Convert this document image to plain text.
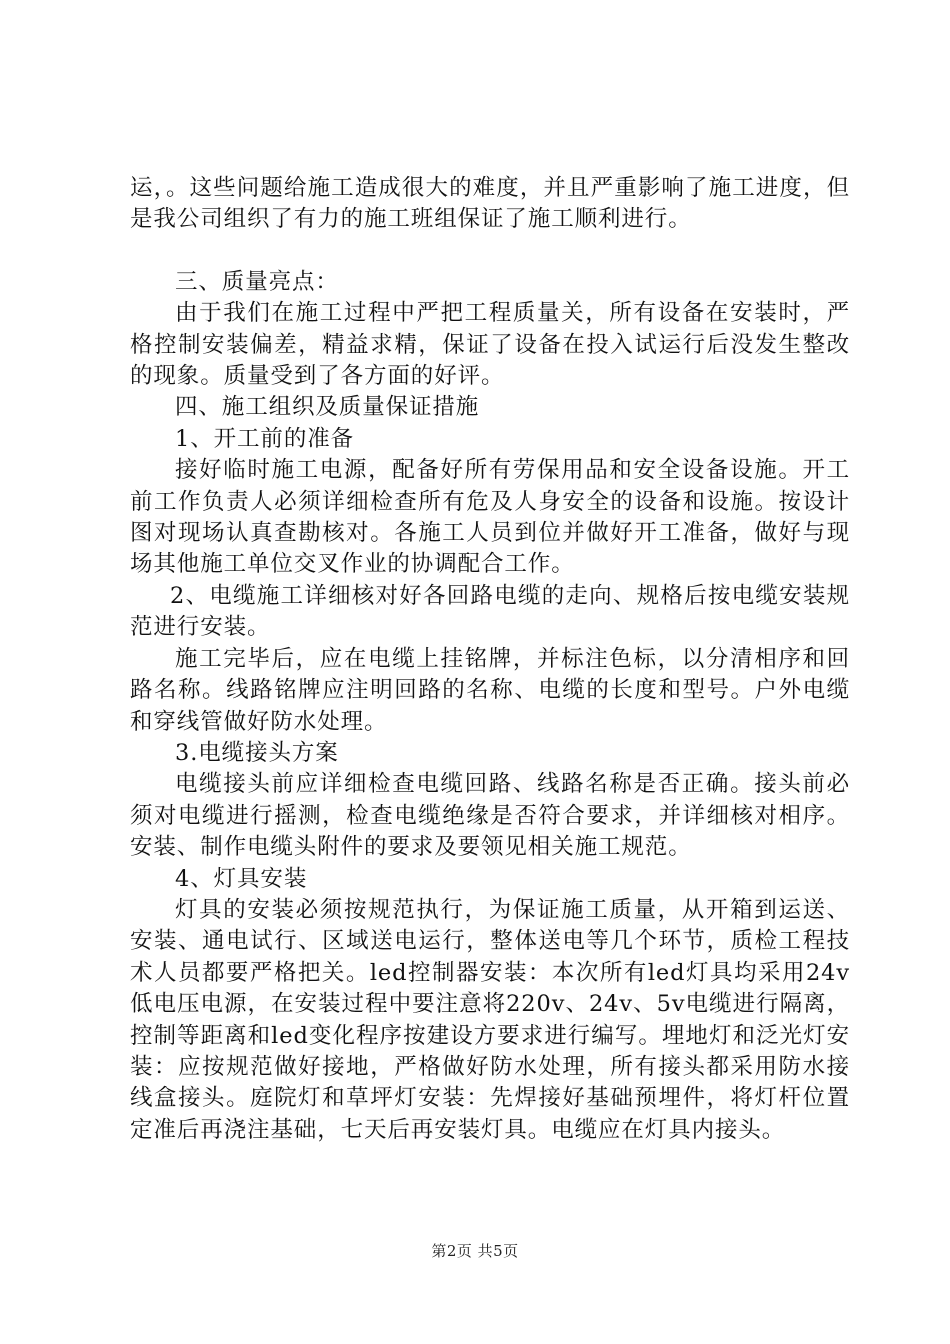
运，。这些问题给施工造成很大的难度，并且严重影响了施工进度，但是我公司组织了有力的施工班组保证了施工顺利进行。

三、质量亮点：

由于我们在施工过程中严把工程质量关，所有设备在安装时，严格控制安装偏差，精益求精，保证了设备在投入试运行后没发生整改的现象。质量受到了各方面的好评。

四、施工组织及质量保证措施

1、开工前的准备

接好临时施工电源，配备好所有劳保用品和安全设备设施。开工前工作负责人必须详细检查所有危及人身安全的设备和设施。按设计图对现场认真查勘核对。各施工人员到位并做好开工准备，做好与现场其他施工单位交叉作业的协调配合工作。

2、电缆施工详细核对好各回路电缆的走向、规格后按电缆安装规范进行安装。

施工完毕后，应在电缆上挂铭牌，并标注色标，以分清相序和回路名称。线路铭牌应注明回路的名称、电缆的长度和型号。户外电缆和穿线管做好防水处理。

3.电缆接头方案

电缆接头前应详细检查电缆回路、线路名称是否正确。接头前必须对电缆进行摇测，检查电缆绝缘是否符合要求，并详细核对相序。安装、制作电缆头附件的要求及要领见相关施工规范。

4、灯具安装

灯具的安装必须按规范执行，为保证施工质量，从开箱到运送、安装、通电试行、区域送电运行，整体送电等几个环节，质检工程技术人员都要严格把关。led控制器安装：本次所有led灯具均采用24v低电压电源，在安装过程中要注意将220v、24v、5v电缆进行隔离，控制等距离和led变化程序按建设方要求进行编写。埋地灯和泛光灯安装：应按规范做好接地，严格做好防水处理，所有接头都采用防水接线盒接头。庭院灯和草坪灯安装：先焊接好基础预埋件，将灯杆位置定准后再浇注基础，七天后再安装灯具。电缆应在灯具内接头。

第2页 共5页
